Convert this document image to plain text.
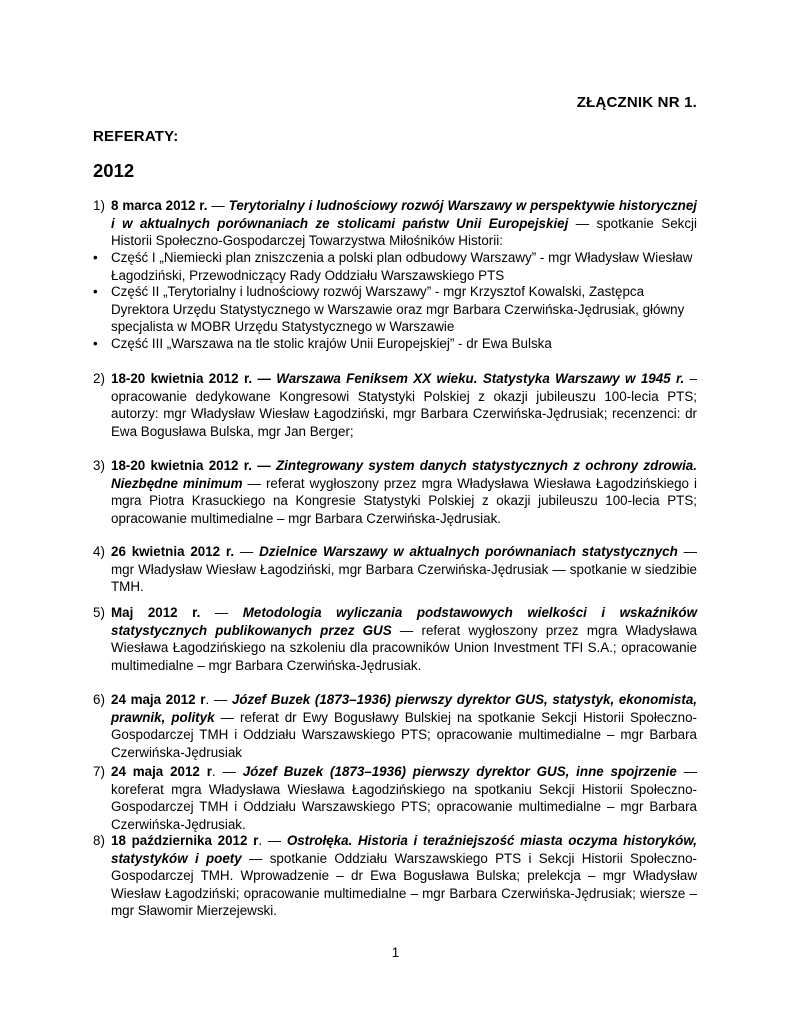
ZŁĄCZNIK NR 1.
REFERATY:
2012
1) 8 marca 2012 r. — Terytorialny i ludnościowy rozwój Warszawy w perspektywie historycznej i w aktualnych porównaniach ze stolicami państw Unii Europejskiej — spotkanie Sekcji Historii Społeczno-Gospodarczej Towarzystwa Miłośników Historii:
• Część I „Niemiecki plan zniszczenia a polski plan odbudowy Warszawy” - mgr Władysław Wiesław Łagodziński, Przewodniczący Rady Oddziału Warszawskiego PTS
• Część II „Terytorialny i ludnościowy rozwój Warszawy” - mgr Krzysztof Kowalski, Zastępca Dyrektora Urzędu Statystycznego w Warszawie oraz mgr Barbara Czerwińska-Jędrusiak, główny specjalista w MOBR Urzędu Statystycznego w Warszawie
• Część III „Warszawa na tle stolic krajów Unii Europejskiej” - dr Ewa Bulska
2) 18-20 kwietnia 2012 r. — Warszawa Feniksem XX wieku. Statystyka Warszawy w 1945 r. – opracowanie dedykowane Kongresowi Statystyki Polskiej z okazji jubileuszu 100-lecia PTS; autorzy: mgr Władysław Wiesław Łagodziński, mgr Barbara Czerwińska-Jędrusiak; recenzenci: dr Ewa Bogusława Bulska, mgr Jan Berger;
3) 18-20 kwietnia 2012 r. — Zintegrowany system danych statystycznych z ochrony zdrowia. Niezbędne minimum — referat wygłoszony przez mgra Władysława Wiesława Łagodzińskiego i mgra Piotra Krasuckiego na Kongresie Statystyki Polskiej z okazji jubileuszu 100-lecia PTS; opracowanie multimedialne – mgr Barbara Czerwińska-Jędrusiak.
4) 26 kwietnia 2012 r. — Dzielnice Warszawy w aktualnych porównaniach statystycznych — mgr Władysław Wiesław Łagodziński, mgr Barbara Czerwińska-Jędrusiak — spotkanie w siedzibie TMH.
5) Maj 2012 r. — Metodologia wyliczania podstawowych wielkości i wskaźników statystycznych publikowanych przez GUS — referat wygłoszony przez mgra Władysława Wiesława Łagodzińskiego na szkoleniu dla pracowników Union Investment TFI S.A.; opracowanie multimedialne – mgr Barbara Czerwińska-Jędrusiak.
6) 24 maja 2012 r. — Józef Buzek (1873–1936) pierwszy dyrektor GUS, statystyk, ekonomista, prawnik, polityk — referat dr Ewy Bogusławy Bulskiej na spotkanie Sekcji Historii Społeczno-Gospodarczej TMH i Oddziału Warszawskiego PTS; opracowanie multimedialne – mgr Barbara Czerwińska-Jędrusiak
7) 24 maja 2012 r. — Józef Buzek (1873–1936) pierwszy dyrektor GUS, inne spojrzenie — koreferat mgra Władysława Wiesława Łagodzińskiego na spotkaniu Sekcji Historii Społeczno-Gospodarczej TMH i Oddziału Warszawskiego PTS; opracowanie multimedialne – mgr Barbara Czerwińska-Jędrusiak.
8) 18 października 2012 r. — Ostrołęka. Historia i teraźniejszość miasta oczyma historyków, statystyków i poety — spotkanie Oddziału Warszawskiego PTS i Sekcji Historii Społeczno-Gospodarczej TMH. Wprowadzenie – dr Ewa Bogusława Bulska; prelekcja – mgr Władysław Wiesław Łagodziński; opracowanie multimedialne – mgr Barbara Czerwińska-Jędrusiak; wiersze – mgr Sławomir Mierzejewski.
1
